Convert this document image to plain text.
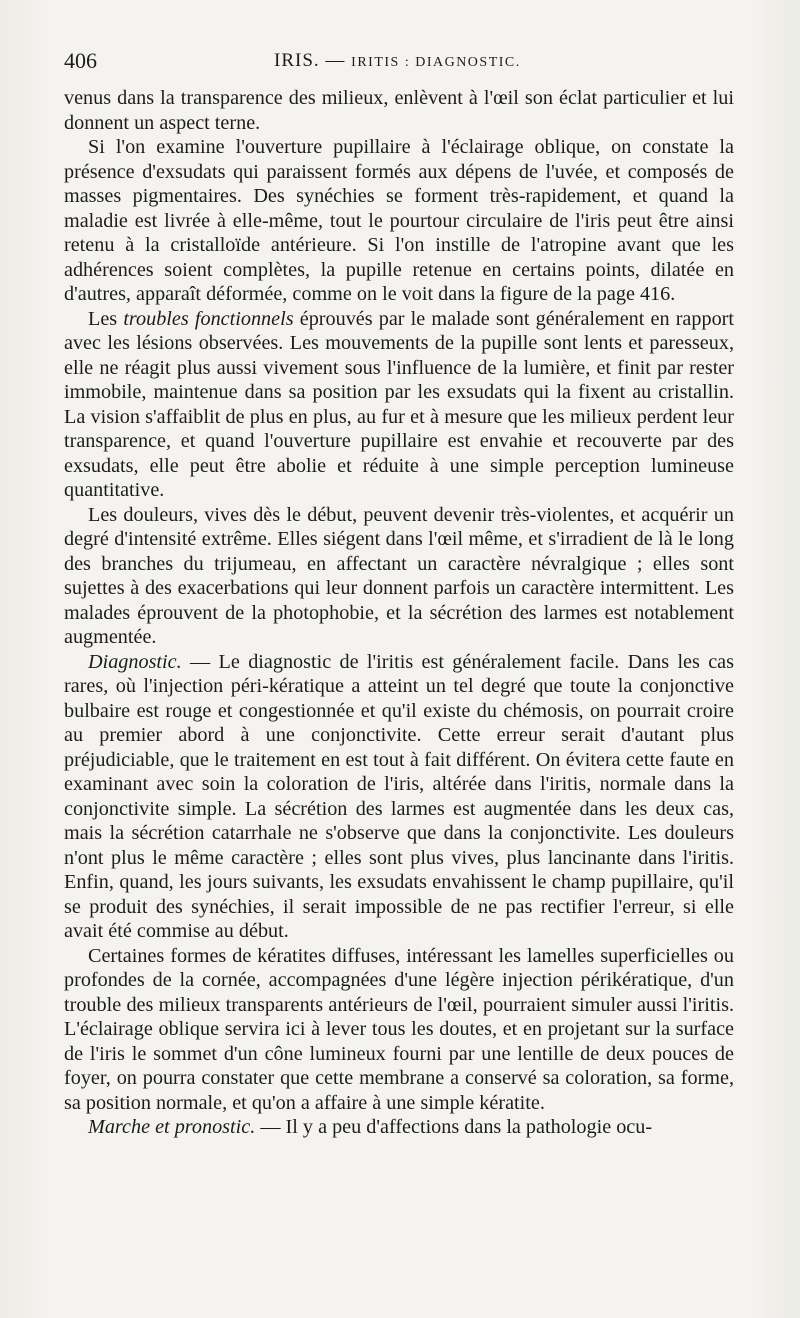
406	IRIS. — IRITIS : DIAGNOSTIC.

venus dans la transparence des milieux, enlèvent à l'œil son éclat particulier et lui donnent un aspect terne.

Si l'on examine l'ouverture pupillaire à l'éclairage oblique, on constate la présence d'exsudats qui paraissent formés aux dépens de l'uvée, et composés de masses pigmentaires. Des synéchies se forment très-rapidement, et quand la maladie est livrée à elle-même, tout le pourtour circulaire de l'iris peut être ainsi retenu à la cristalloïde antérieure. Si l'on instille de l'atropine avant que les adhérences soient complètes, la pupille retenue en certains points, dilatée en d'autres, apparaît déformée, comme on le voit dans la figure de la page 416.

Les troubles fonctionnels éprouvés par le malade sont généralement en rapport avec les lésions observées. Les mouvements de la pupille sont lents et paresseux, elle ne réagit plus aussi vivement sous l'influence de la lumière, et finit par rester immobile, maintenue dans sa position par les exsudats qui la fixent au cristallin. La vision s'affaiblit de plus en plus, au fur et à mesure que les milieux perdent leur transparence, et quand l'ouverture pupillaire est envahie et recouverte par des exsudats, elle peut être abolie et réduite à une simple perception lumineuse quantitative.

Les douleurs, vives dès le début, peuvent devenir très-violentes, et acquérir un degré d'intensité extrême. Elles siégent dans l'œil même, et s'irradient de là le long des branches du trijumeau, en affectant un caractère névralgique ; elles sont sujettes à des exacerbations qui leur donnent parfois un caractère intermittent. Les malades éprouvent de la photophobie, et la sécrétion des larmes est notablement augmentée.

Diagnostic. — Le diagnostic de l'iritis est généralement facile. Dans les cas rares, où l'injection péri-kératique a atteint un tel degré que toute la conjonctive bulbaire est rouge et congestionnée et qu'il existe du chémosis, on pourrait croire au premier abord à une conjonctivite. Cette erreur serait d'autant plus préjudiciable, que le traitement en est tout à fait différent. On évitera cette faute en examinant avec soin la coloration de l'iris, altérée dans l'iritis, normale dans la conjonctivite simple. La sécrétion des larmes est augmentée dans les deux cas, mais la sécrétion catarrhale ne s'observe que dans la conjonctivite. Les douleurs n'ont plus le même caractère ; elles sont plus vives, plus lancinante dans l'iritis. Enfin, quand, les jours suivants, les exsudats envahissent le champ pupillaire, qu'il se produit des synéchies, il serait impossible de ne pas rectifier l'erreur, si elle avait été commise au début.

Certaines formes de kératites diffuses, intéressant les lamelles superficielles ou profondes de la cornée, accompagnées d'une légère injection périkératique, d'un trouble des milieux transparents antérieurs de l'œil, pourraient simuler aussi l'iritis. L'éclairage oblique servira ici à lever tous les doutes, et en projetant sur la surface de l'iris le sommet d'un cône lumineux fourni par une lentille de deux pouces de foyer, on pourra constater que cette membrane a conservé sa coloration, sa forme, sa position normale, et qu'on a affaire à une simple kératite.

Marche et pronostic. — Il y a peu d'affections dans la pathologie ocu-
